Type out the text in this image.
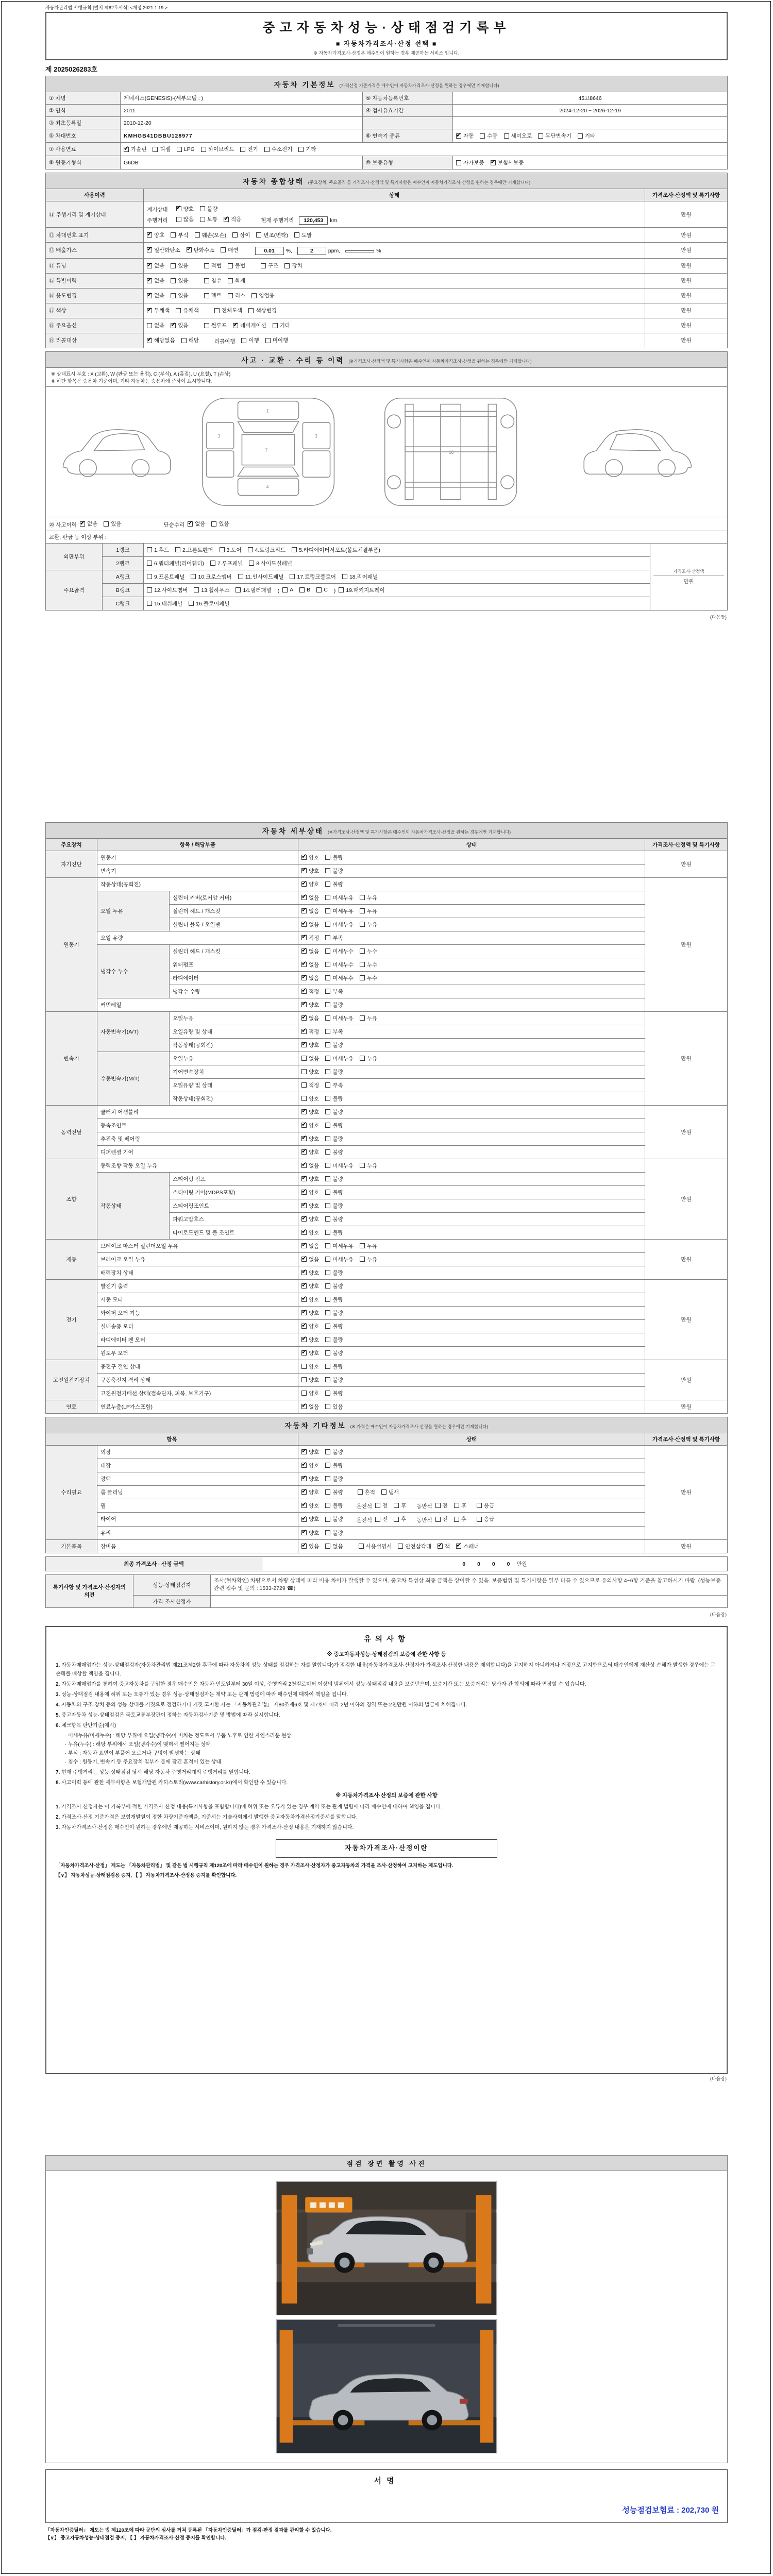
자동차관리법 시행규칙 [별지 제82호서식] <개정 2021.1.19.>
중고자동차성능·상태점검기록부
■ 자동차가격조사·산정 선택 ■
※ 자동차가격조사·산정은 매수인이 원하는 경우 제공하는 서비스 입니다.
제 2025026283호
자동차 기본정보 (가격산정 기준가격은 매수인이 자동차가격조사·산정을 원하는 경우에만 기재합니다)			
① 차명	제네시스(GENESIS)-(세부모델 : )	⑨ 자동차등록번호	45고8646
② 연식	2011	④ 검사유효기간	2024-12-20 ~ 2026-12-19
③ 최초등록일	2010-12-20		
⑤ 차대번호	KMHGB41DBBU128977	⑥ 변속기 종류	
✔자동 수동 세미오토 무단변속기 기타

⑦ 사용연료	
✔가솔린 디젤 LPG 하이브리드 전기 수소전기 기타

⑧ 원동기형식	G6DB	⑩ 보증유형	자가보증 ✔ 보험사보증
자동차 종합상태 (주요장치, 주요골격 등 가격조사·산정액 및 특기사항은 매수인이 자동차가격조사·산정을 원하는 경우에만 기재합니다)		
사용이력	상태	가격조사·산정액 및 특기사항
⑪ 주행거리 및 계기상태	
계기상태 ✔	양호 불량
주행거리	많음 보통 ✔ 적음	현재 주행거리 120,453 km
	만원
⑫ 차대번호 표기	
✔양호 부식 훼손(오손) 상이 변조(변타) 도말	만원
⑬ 배출가스	
✔일산화탄소 ✔ 탄화수소 매연 0.01 %, 2 ppm, %	만원
⑭ 튜닝	
✔없음 있음	적법 불법	구조 장치	만원
⑮ 특별이력	
✔없음 있음 침수 화재	만원
⑯ 용도변경	
✔없음 있음 렌트 리스 영업용	만원
⑰ 색상	
✔무채색 유채색 전체도색 색상변경	만원
⑱ 주요옵션	없음 ✔ 있음 썬루프 ✔ 네비게이션 기타	만원
⑲ 리콜대상	
✔해당없음 해당 리콜이행 이행 미이행	만원
사고 · 교환 · 수리 등 이력 (※가격조사·산정액 및 특기사항은 매수인이 자동차가격조사·산정을 원하는 경우에만 기재합니다)			

※ 상태표시 부호 : X (교환), W (판금 또는 용접), C (부식), A (흠집), U (요철), T (손상)
※ 하단 항목은 승용차 기준이며, 기타 자동차는 승용차에 준하여 표시합니다.			

1
7
4
3	3
16

⑳ 사고이력 ✔ 없음 있음	단순수리 ✔ 없음 있음

교환, 판금 등 이상 부위 :			
외판부위	1랭크	1.후드 2.프론트휀더 3.도어 4.트렁크리드 5.라디에이터서포트(볼트체결부품)

가격조사·산정액
만원

	2랭크	6.쿼터패널(리어휀더) 7.루프패널 8.사이드실패널	

주요골격	A랭크	9.프론트패널 10.크로스멤버 11.인사이드패널 17.트렁크플로어 18.리어패널	

B랭크	12.사이드멤버 13.휠하우스 14.필러패널 ( A B C ) 19.패키지트레이

	C랭크	15.대쉬패널 16.플로어패널	
(다음장)
자동차 세부상태 (※가격조사·산정액 및 특기사항은 매수인이 자동차가격조사·산정을 원하는 경우에만 기재합니다)				
주요장치	항목 / 해당부품		상태	가격조사·산정액 및 특기사항
자기진단	원동기	
✔양호 불량	만원
	변속기	
✔양호 불량

원동기	작동상태(공회전)	
✔양호 불량	만원
	오일 누유	실린더 커버(로커암 커버)	
✔없음 미세누유 누유

		실린더 헤드 / 개스킷	
✔없음 미세누유 누유

		실린더 블록 / 오일팬	
✔없음 미세누유 누유

	오일 유량	
✔적정 부족

	냉각수 누수	실린더 헤드 / 개스킷	
✔없음 미세누수 누수

		워터펌프	
✔없음 미세누수 누수

		라디에이터	
✔없음 미세누수 누수

		냉각수 수량	
✔적정 부족

	커먼레일	
✔양호 불량

변속기	자동변속기(A/T)	오일누유	
✔없음 미세누유 누유	만원
		오일유량 및 상태	
✔적정 부족

		작동상태(공회전)	
✔양호 불량

	수동변속기(M/T)	오일누유	없음 미세누유 누유	

		기어변속장치	양호 불량	

		오일유량 및 상태	적정 부족	

		작동상태(공회전)	양호 불량	

동력전달	클러치 어셈블리	
✔양호 불량	만원
	등속조인트	
✔양호 불량

	추진축 및 베어링	
✔양호 불량

	디퍼렌셜 기어	
✔양호 불량

조향	동력조향 작동 오일 누유	
✔없음 미세누유 누유	만원
	작동상태	스티어링 펌프	
✔양호 불량

		스티어링 기어(MDPS포함)	
✔양호 불량

		스티어링조인트	
✔양호 불량

		파워고압호스	
✔양호 불량

		타이로드엔드 및 볼 조인트	
✔양호 불량

제동	브레이크 마스터 실린더오일 누유	
✔없음 미세누유 누유	만원
	브레이크 오일 누유	
✔없음 미세누유 누유

	배력장치 상태	
✔양호 불량

전기	발전기 출력	
✔양호 불량	만원
	시동 모터	
✔양호 불량

	와이퍼 모터 기능	
✔양호 불량

	실내송풍 모터	
✔양호 불량

	라디에이터 팬 모터	
✔양호 불량

	윈도우 모터	
✔양호 불량

고전원전기장치	충전구 절연 상태		양호 불량	만원
	구동축전지 격리 상태		양호 불량	

	고전원전기배선 상태(접속단자, 피복, 보호기구)		양호 불량	

연료	연료누출(LP가스포함)	
✔없음 있음	만원
자동차 기타정보 (※ 가격은 매수인이 자동차가격조사·산정을 원하는 경우에만 기재합니다)			
항목		상태	가격조사·산정액 및 특기사항
수리필요	외장	
✔양호 불량	만원
	내장	
✔양호 불량

	광택	
✔양호 불량

	룸 클리닝	
✔양호 불량 흔적 냄새

휠	
✔양호 불량 운전석 전 후 동반석 전 후	응급

타이어	
✔양호 불량 운전석 전 후 동반석 전 후	응급

	유리	
✔양호 불량

기본품목	장비품	
✔있음 없음	사용설명서 안전삼각대 ✔ 잭 ✔ 스패너	만원
최종 가격조사 · 산정 금액	0 0 0 0 만원
특기사항 및 가격조사·산정자의 의견	성능·상태점검자	조사(현차확인) 차량으로서 차량 상태에 따라 비용 차이가 발생할 수 있으며, 중고차 특성상 최종 금액은 상이할 수 있음. 보증범위 및 특기사항은 일부 다를 수 있으므로 유의사항 4~6항 기준을 참고하시기 바람. (성능보증 관련 접수 및 문의 : 1533-2729 ☎)
	가격·조사산정자	
(다음장)
유의사항
※ 중고자동차성능·상태점검의 보증에 관한 사항 등
1. 자동차매매업자는 성능·상태점검자(자동차관리법 제21조제2항 후단에 따라 자동차의 성능·상태를 점검하는 자를 말합니다)가 점검한 내용(자동차가격조사·산정자가 가격조사·산정한 내용은 제외합니다)을 고지하지 아니하거나 거짓으로 고지함으로써 매수인에게 재산상 손해가 발생한 경우에는 그 손해를 배상할 책임을 집니다.
2. 자동차매매업자를 통하여 중고자동차를 구입한 경우 매수인은 자동차 인도일부터 30일 이상, 주행거리 2천킬로미터 이상의 범위에서 성능·상태점검 내용을 보증받으며, 보증기간 또는 보증거리는 당사자 간 합의에 따라 연장할 수 있습니다.
3. 성능·상태점검 내용에 허위 또는 오류가 있는 경우 성능·상태점검자는 계약 또는 관계 법령에 따라 매수인에 대하여 책임을 집니다.
4. 자동차의 구조·장치 등의 성능·상태를 거짓으로 점검하거나 거짓 고지한 자는 「자동차관리법」 제80조제6호 및 제7호에 따라 2년 이하의 징역 또는 2천만원 이하의 벌금에 처해집니다.
5. 중고자동차 성능·상태점검은 국토교통부장관이 정하는 자동차검사기준 및 방법에 따라 실시합니다.
6. 체크항목 판단기준(예시)
· 미세누유(미세누수) : 해당 부위에 오일(냉각수)이 비치는 정도로서 부품 노후로 인한 자연스러운 현상
· 누유(누수) : 해당 부위에서 오일(냉각수)이 맺혀서 떨어지는 상태
· 부식 : 자동차 표면이 부풀어 오르거나 구멍이 발생하는 상태
· 침수 : 원동기, 변속기 등 주요장치 일부가 물에 잠긴 흔적이 있는 상태
7. 현재 주행거리는 성능·상태점검 당시 해당 자동차 주행거리계의 주행거리를 말합니다.
8. 사고이력 등에 관한 세부사항은 보험개발원 카히스토리(www.carhistory.or.kr)에서 확인할 수 있습니다.
※ 자동차가격조사·산정의 보증에 관한 사항
1. 가격조사·산정자는 이 기록부에 적힌 가격조사·산정 내용(특기사항을 포함합니다)에 허위 또는 오류가 있는 경우 계약 또는 관계 법령에 따라 매수인에 대하여 책임을 집니다.
2. 가격조사·산정 기준가격은 보험개발원이 정한 차량기준가액을, 기준서는 기술사회에서 발행한 중고자동차가격산정기준서를 말합니다.
3. 자동차가격조사·산정은 매수인이 원하는 경우에만 제공하는 서비스이며, 원하지 않는 경우 가격조사·산정 내용은 기재하지 않습니다.
자동차가격조사·산정이란
「자동차가격조사·산정」 제도는 「자동차관리법」 및 같은 법 시행규칙 제120조에 따라 매수인이 원하는 경우 가격조사·산정자가 중고자동차의 가격을 조사·산정하여 고지하는 제도입니다.
【∨】 자동차성능·상태점검용 증지, 【 】 자동차가격조사·산정용 증지를 확인합니다.
(다음장)
점검 장면 촬영 사진
서명
성능점검보험료 : 202,730 원
「자동차인증딜러」 제도는 법 제120조에 따라 공단의 심사를 거쳐 등록된 「자동차인증딜러」가 점검·판정 결과를 관리할 수 있습니다.
【∨】 중고자동차성능·상태점검 증지, 【 】 자동차가격조사·산정 증지를 확인합니다.
